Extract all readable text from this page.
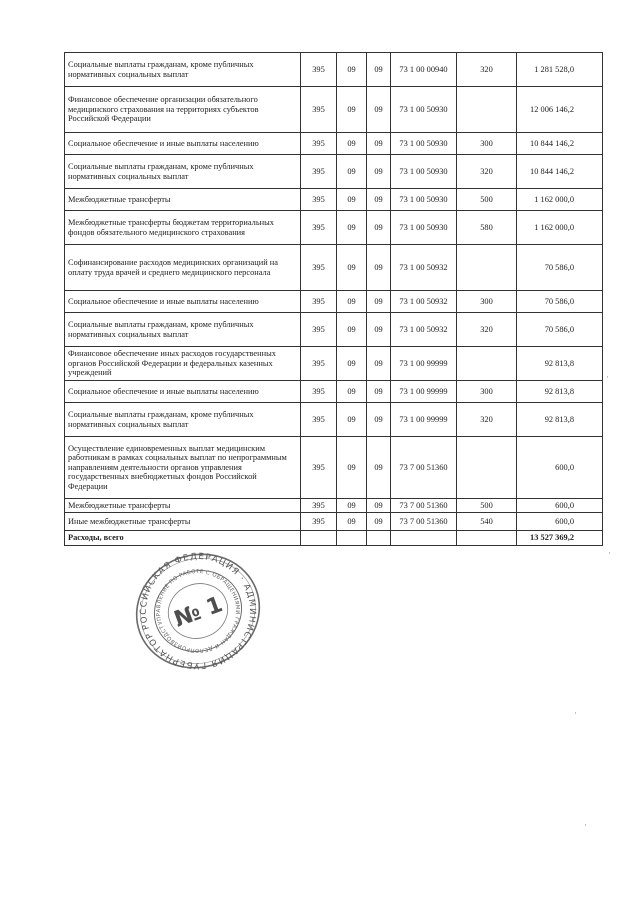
Социальные выплаты гражданам, кроме публичных нормативных социальных выплат	395	09	09	73 1 00 00940	320	1 281 528,0
Финансовое обеспечение организации обязательного медицинского страхования на территориях субъектов Российской Федерации	395	09	09	73 1 00 50930		12 006 146,2
Социальное обеспечение и иные выплаты населению	395	09	09	73 1 00 50930	300	10 844 146,2
Социальные выплаты гражданам, кроме публичных нормативных социальных выплат	395	09	09	73 1 00 50930	320	10 844 146,2
Межбюджетные трансферты	395	09	09	73 1 00 50930	500	1 162 000,0
Межбюджетные трансферты бюджетам территориальных фондов обязательного медицинского страхования	395	09	09	73 1 00 50930	580	1 162 000,0
Софинансирование расходов медицинских организаций на оплату труда врачей и среднего медицинского персонала	395	09	09	73 1 00 50932		70 586,0
Социальное обеспечение и иные выплаты населению	395	09	09	73 1 00 50932	300	70 586,0
Социальные выплаты гражданам, кроме публичных нормативных социальных выплат	395	09	09	73 1 00 50932	320	70 586,0
Финансовое обеспечение иных расходов государственных органов Российской Федерации и федеральных казенных учреждений	395	09	09	73 1 00 99999		92 813,8
Социальное обеспечение и иные выплаты населению	395	09	09	73 1 00 99999	300	92 813,8
Социальные выплаты гражданам, кроме публичных нормативных социальных выплат	395	09	09	73 1 00 99999	320	92 813,8
Осуществление единовременных выплат медицинским работникам в рамках социальных выплат по непрограммным направлениям деятельности органов управления государственных внебюджетных фондов Российской Федерации	395	09	09	73 7 00 51360		600,0
Межбюджетные трансферты	395	09	09	73 7 00 51360	500	600,0
Иные межбюджетные трансферты	395	09	09	73 7 00 51360	540	600,0
Расходы, всего						13 527 369,2
РОССИЙСКАЯ ФЕДЕРАЦИЯ · АДМИНИСТРАЦИЯ ГУБЕРНАТОРА
УПРАВЛЕНИЕ ПО РАБОТЕ С ОБРАЩЕНИЯМИ ГРАЖДАН И ДЕЛОПРОИЗВОДСТВУ
№ 1
·
·
·
·
